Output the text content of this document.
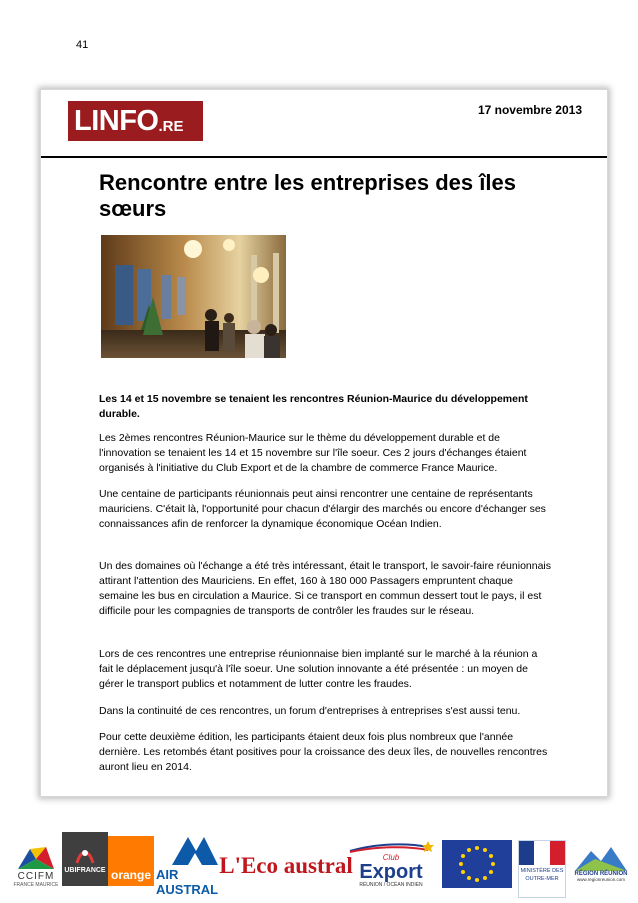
41
LINFO .RE
17 novembre 2013
Rencontre entre les entreprises des îles sœurs

Les 14 et 15 novembre se tenaient les rencontres Réunion-Maurice du développement durable.

Les 2èmes rencontres Réunion-Maurice sur le thème du développement durable et de l'innovation se tenaient les 14 et 15 novembre sur l'île soeur. Ces 2 jours d'échanges étaient organisés à l'initiative du Club Export et de la chambre de commerce France Maurice.

Une centaine de participants réunionnais peut ainsi rencontrer une centaine de représentants mauriciens. C'était là, l'opportunité pour chacun d'élargir des marchés ou encore d'échanger ses connaissances afin de renforcer la dynamique économique Océan Indien.

Un des domaines où l'échange a été très intéressant, était le transport, le savoir-faire réunionnais attirant l'attention des Mauriciens. En effet, 160 à 180 000 Passagers empruntent chaque semaine les bus en circulation a Maurice. Si ce transport en commun dessert tout le pays, il est difficile pour les compagnies de transports de contrôler les fraudes sur le réseau.

Lors de ces rencontres une entreprise réunionnaise bien implanté sur le marché à la réunion a fait le déplacement jusqu'à l'île soeur. Une solution innovante a été présentée : un moyen de gérer le transport publics et notamment de lutter contre les fraudes.

Dans la continuité de ces rencontres, un forum d'entreprises à entreprises s'est aussi tenu.

Pour cette deuxième édition, les participants étaient deux fois plus nombreux que l'année dernière. Les retombés étant positives pour la croissance des deux îles, de nouvelles rencontres auront lieu en 2014.

CCIFM
FRANCE MAURICE
UBIFRANCE orange AIR AUSTRAL
L'Eco austral	Club
Export
RÉUNION / OCÉAN INDIEN
MINISTÈRE DES OUTRE-MER
RÉGION RÉUNION
www.regionreunion.com
